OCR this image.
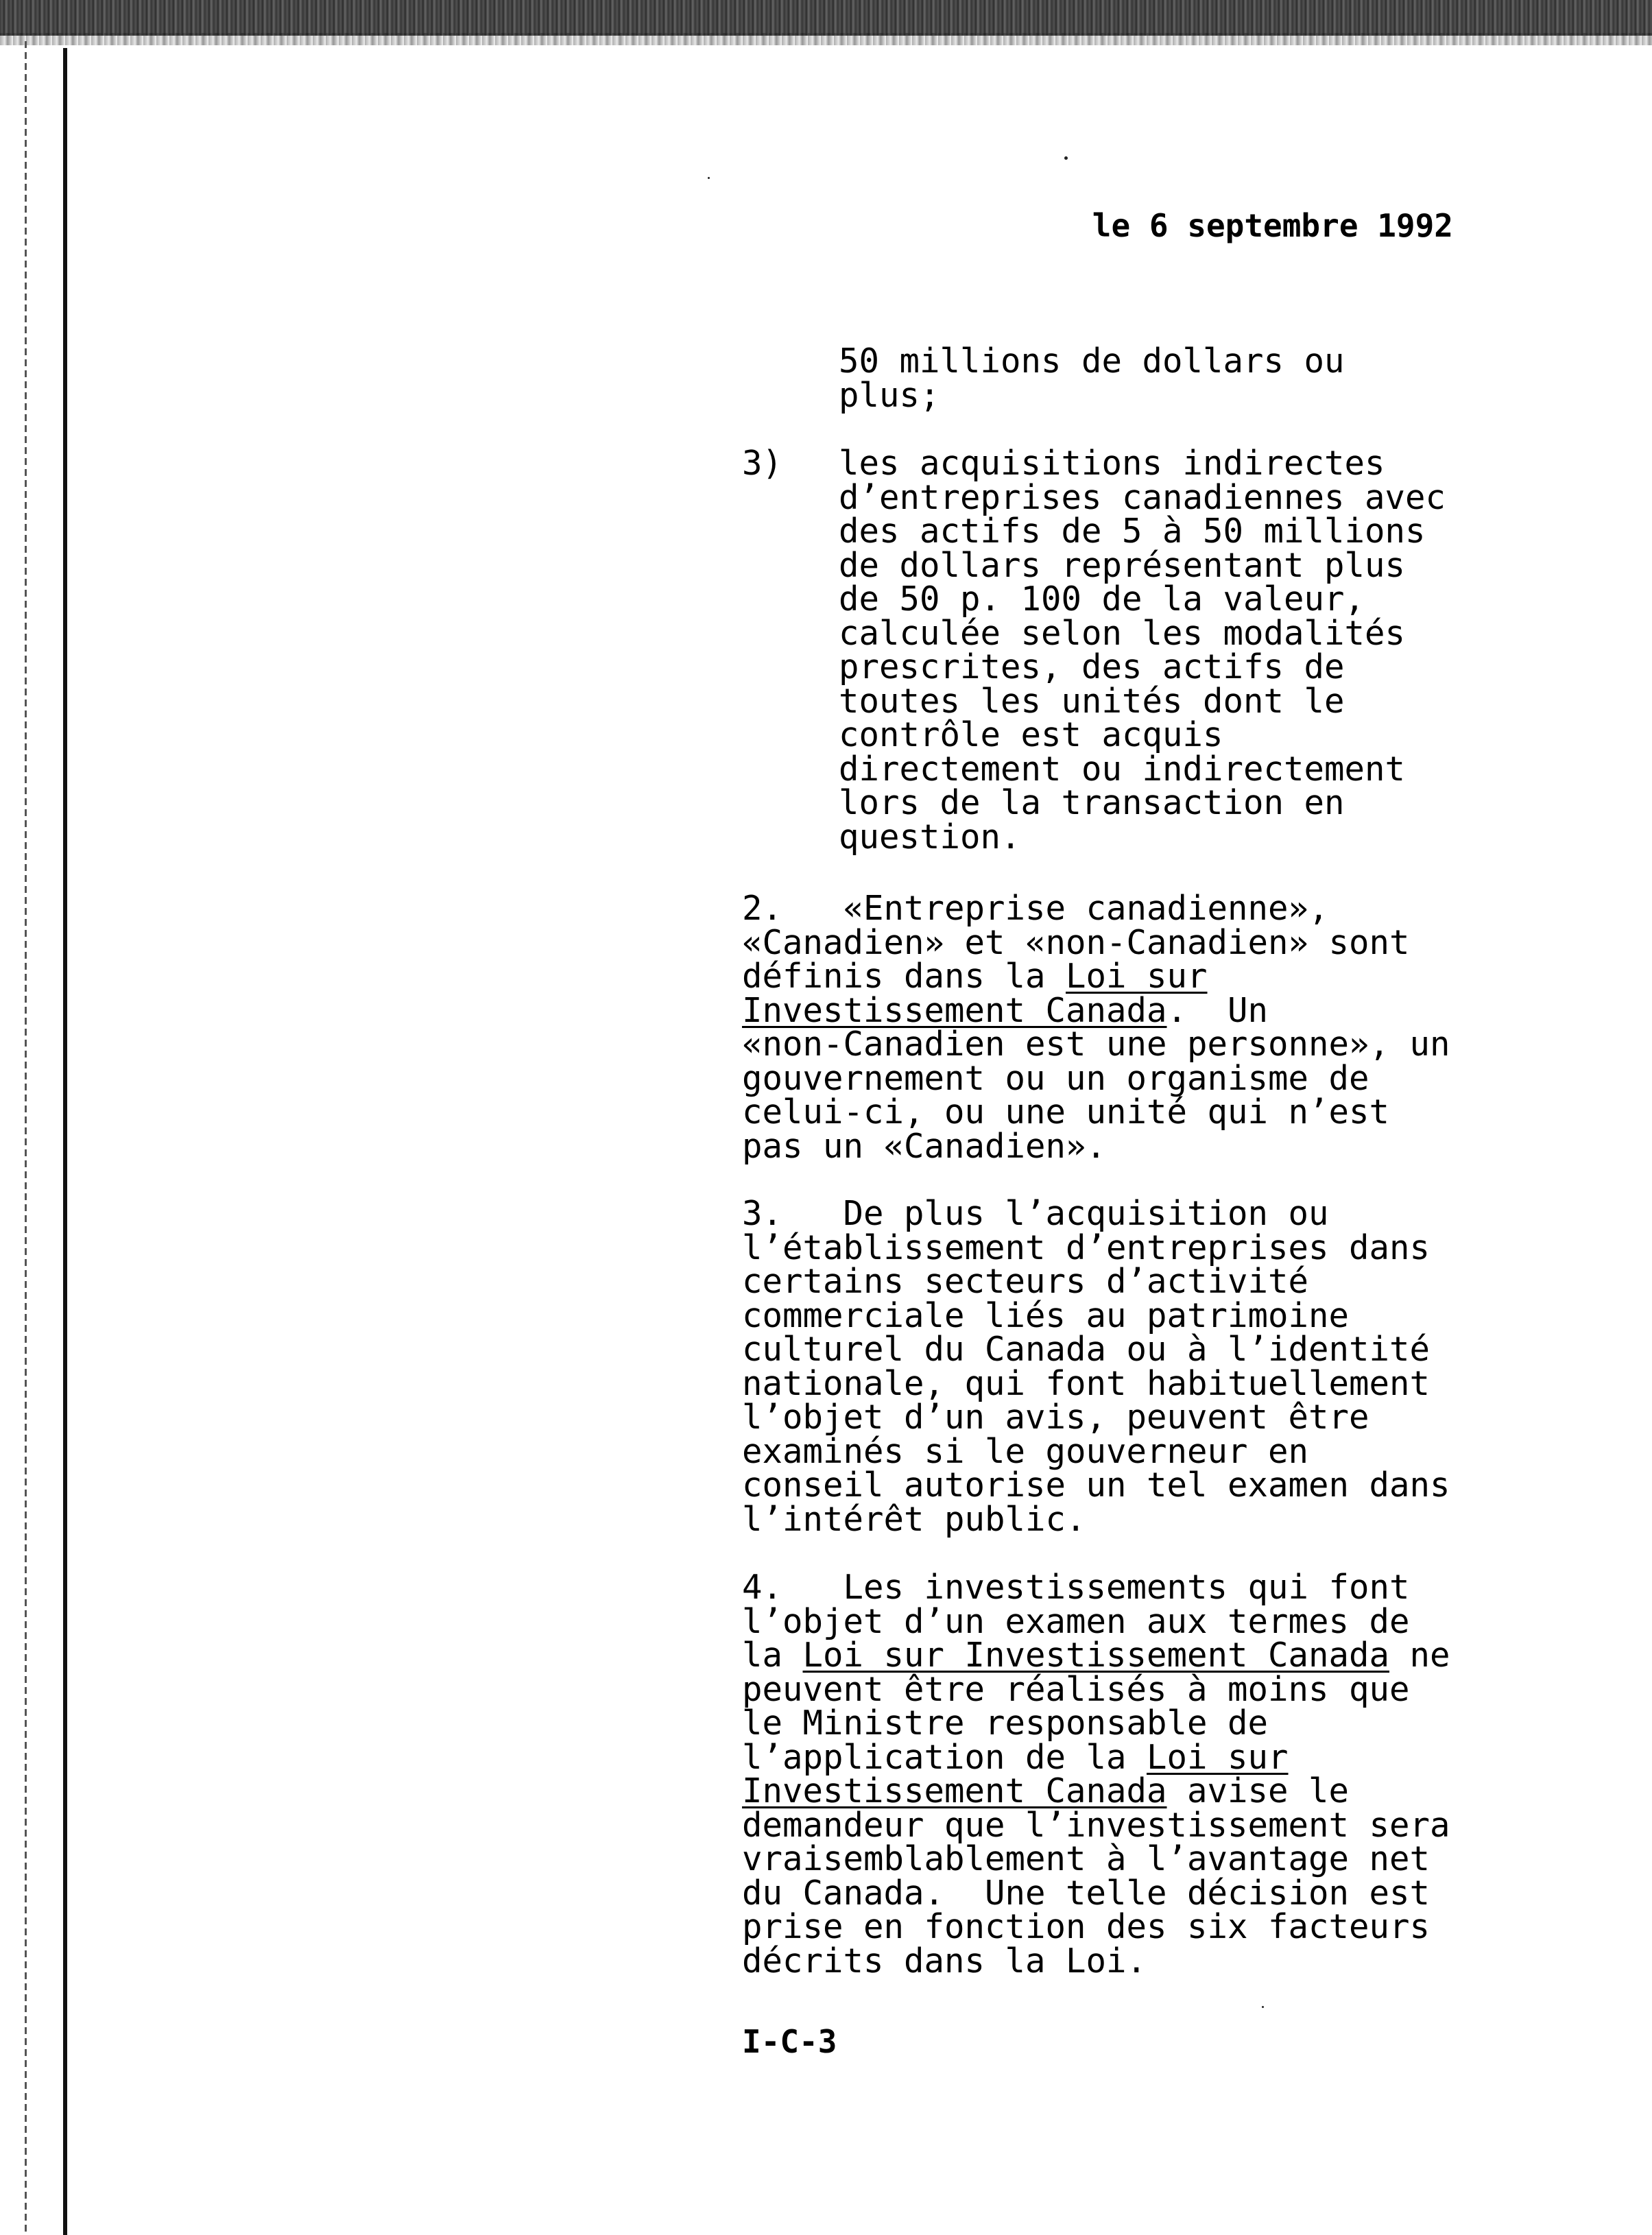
le 6 septembre 1992
50 millions de dollars ou
plus;
3) les acquisitions indirectes
d’entreprises canadiennes avec
des actifs de 5 à 50 millions
de dollars représentant plus
de 50 p. 100 de la valeur,
calculée selon les modalités
prescrites, des actifs de
toutes les unités dont le
contrôle est acquis
directement ou indirectement
lors de la transaction en
question.
2.   «Entreprise canadienne»,
«Canadien» et «non-Canadien» sont
définis dans la Loi sur
Investissement Canada.  Un
«non-Canadien est une personne», un
gouvernement ou un organisme de
celui-ci, ou une unité qui n’est
pas un «Canadien».
3.   De plus l’acquisition ou
l’établissement d’entreprises dans
certains secteurs d’activité
commerciale liés au patrimoine
culturel du Canada ou à l’identité
nationale, qui font habituellement
l’objet d’un avis, peuvent être
examinés si le gouverneur en
conseil autorise un tel examen dans
l’intérêt public.
4.   Les investissements qui font
l’objet d’un examen aux termes de
la Loi sur Investissement Canada ne
peuvent être réalisés à moins que
le Ministre responsable de
l’application de la Loi sur
Investissement Canada avise le
demandeur que l’investissement sera
vraisemblablement à l’avantage net
du Canada.  Une telle décision est
prise en fonction des six facteurs
décrits dans la Loi.
I-C-3
